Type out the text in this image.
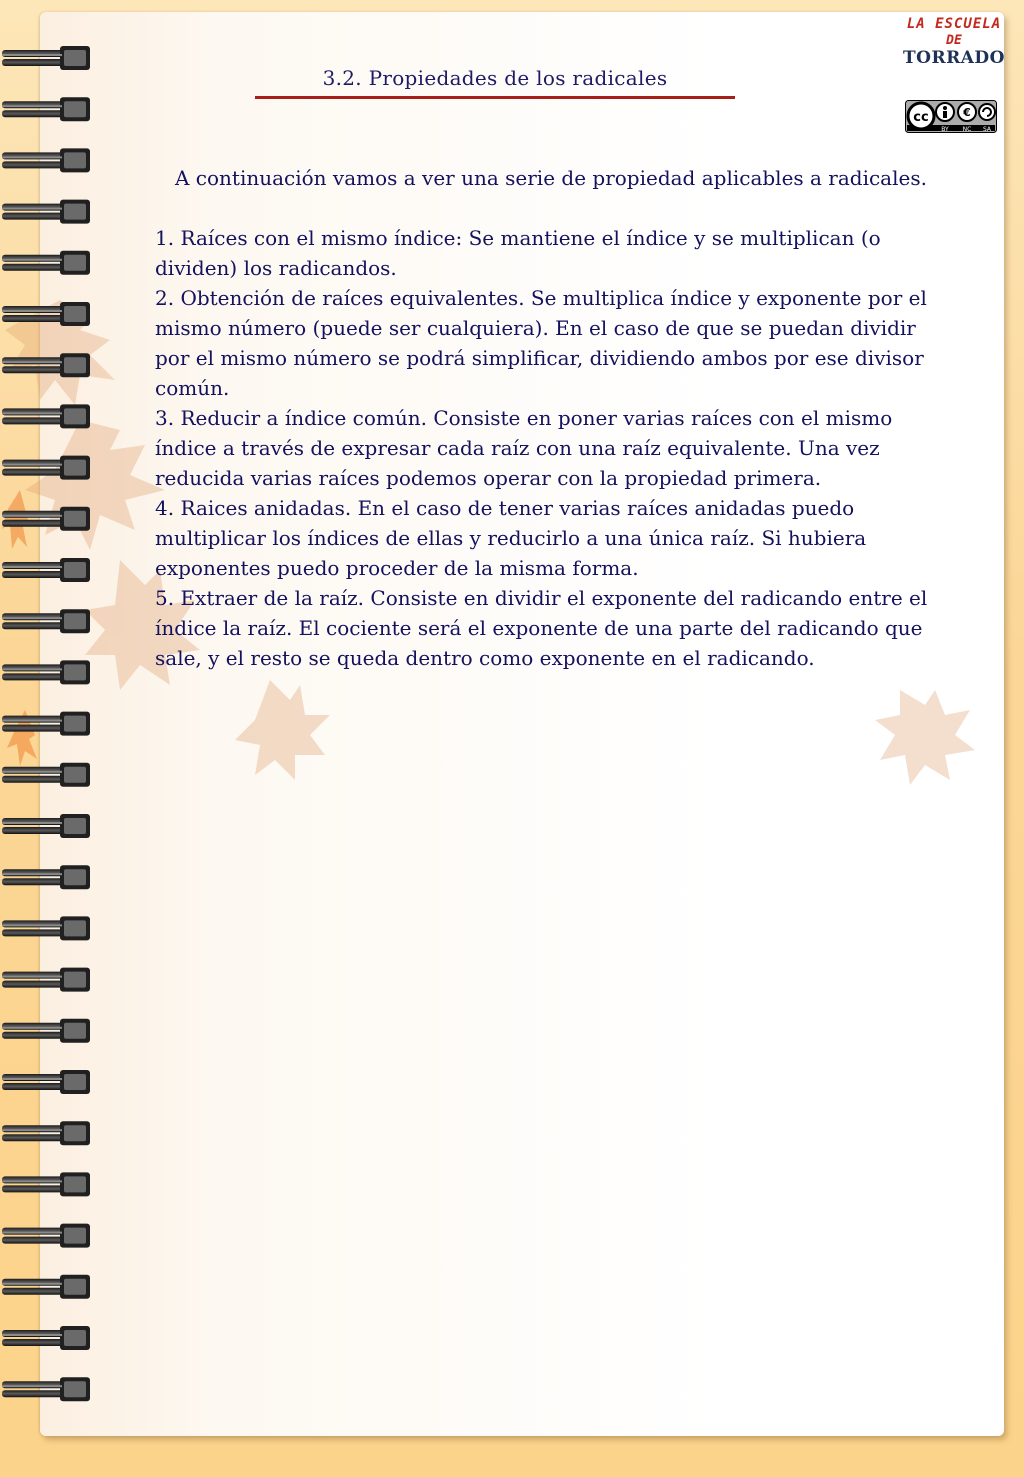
LA ESCUELA
DE
TORRADO
cc	€
BY NC SA
3.2. Propiedades de los radicales

A continuación vamos a ver una serie de propiedad aplicables a radicales.

1. Raíces con el mismo índice: Se mantiene el índice y se multiplican (o dividen) los radicandos.

2. Obtención de raíces equivalentes. Se multiplica índice y exponente por el mismo número (puede ser cualquiera). En el caso de que se puedan dividir por el mismo número se podrá simplificar, dividiendo ambos por ese divisor común.

3. Reducir a índice común. Consiste en poner varias raíces con el mismo índice a través de expresar cada raíz con una raíz equivalente. Una vez reducida varias raíces podemos operar con la propiedad primera.

4. Raices anidadas. En el caso de tener varias raíces anidadas puedo multiplicar los índices de ellas y reducirlo a una única raíz. Si hubiera exponentes puedo proceder de la misma forma.

5. Extraer de la raíz. Consiste en dividir el exponente del radicando entre el índice la raíz. El cociente será el exponente de una parte del radicando que sale, y el resto se queda dentro como exponente en el radicando.
